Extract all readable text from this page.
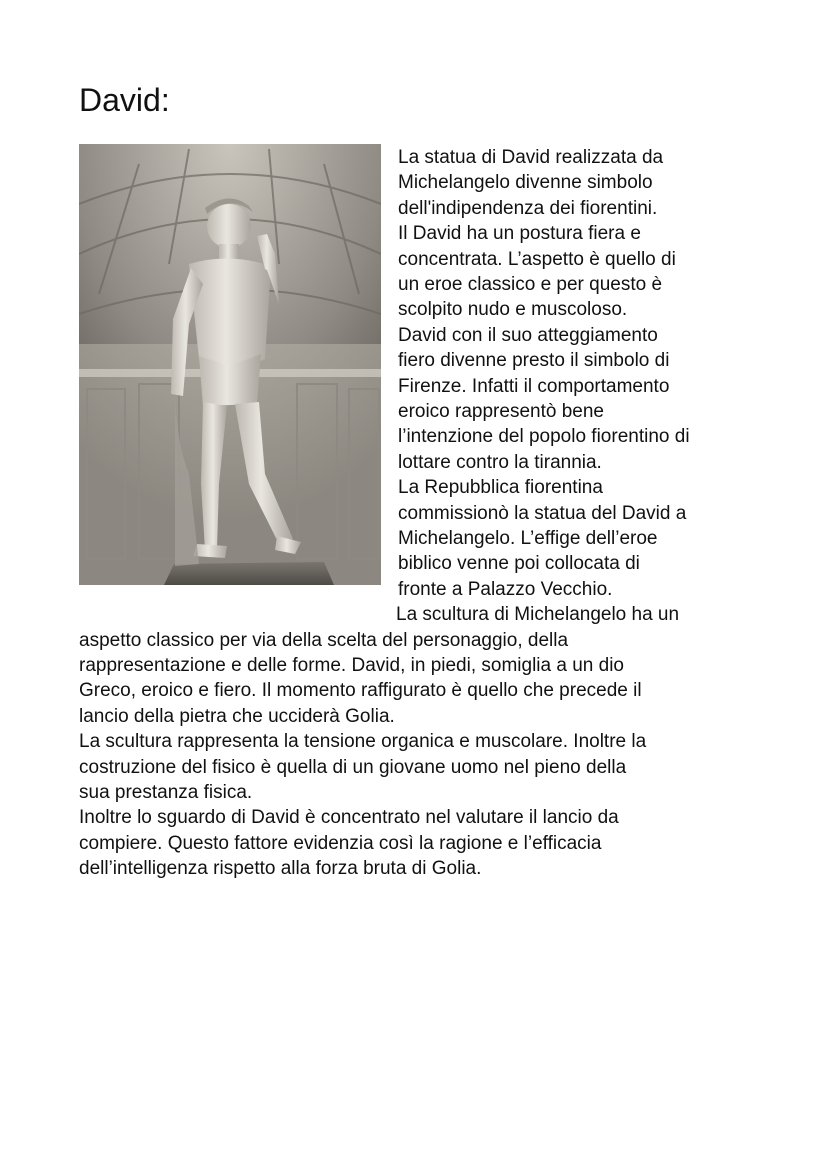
David:
La statua di David realizzata da
Michelangelo divenne simbolo
dell'indipendenza dei fiorentini.
Il David ha un postura fiera e
concentrata. L’aspetto è quello di
un eroe classico e per questo è
scolpito nudo e muscoloso.
David con il suo atteggiamento
fiero divenne presto il simbolo di
Firenze. Infatti il comportamento
eroico rappresentò bene
l’intenzione del popolo fiorentino di
lottare contro la tirannia.
La Repubblica fiorentina
commissionò la statua del David a
Michelangelo. L’effige dell’eroe
biblico venne poi collocata di
fronte a Palazzo Vecchio.
La scultura di Michelangelo ha un
aspetto classico per via della scelta del personaggio, della
rappresentazione e delle forme. David, in piedi, somiglia a un dio
Greco, eroico e fiero. Il momento raffigurato è quello che precede il
lancio della pietra che ucciderà Golia.
La scultura rappresenta la tensione organica e muscolare. Inoltre la
costruzione del fisico è quella di un giovane uomo nel pieno della
sua prestanza fisica.
Inoltre lo sguardo di David è concentrato nel valutare il lancio da
compiere. Questo fattore evidenzia così la ragione e l’efficacia
dell’intelligenza rispetto alla forza bruta di Golia.
